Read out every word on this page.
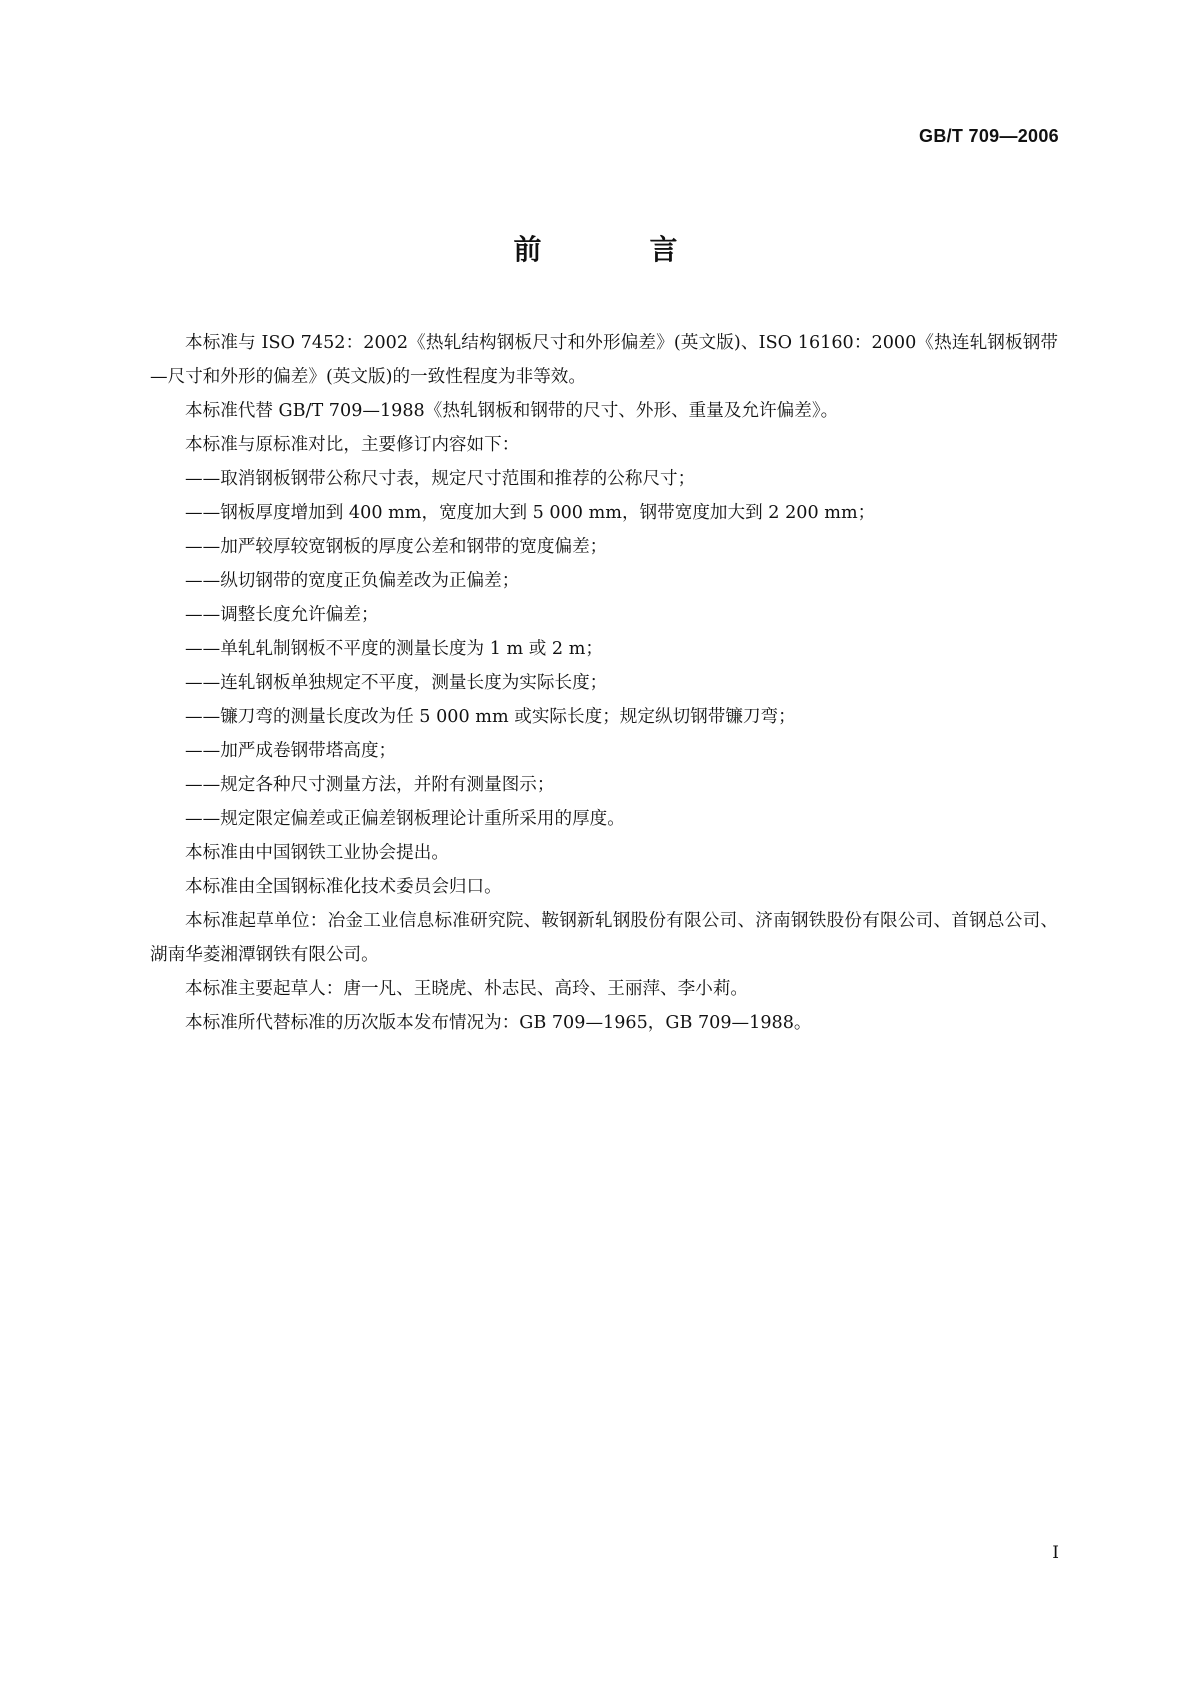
GB/T 709—2006
前　言

本标准与 ISO 7452：2002《热轧结构钢板尺寸和外形偏差》(英文版)、ISO 16160：2000《热连轧钢板钢带—尺寸和外形的偏差》(英文版)的一致性程度为非等效。

本标准代替 GB/T 709—1988《热轧钢板和钢带的尺寸、外形、重量及允许偏差》。

本标准与原标准对比，主要修订内容如下：

——取消钢板钢带公称尺寸表，规定尺寸范围和推荐的公称尺寸；

——钢板厚度增加到 400 mm，宽度加大到 5 000 mm，钢带宽度加大到 2 200 mm；

——加严较厚较宽钢板的厚度公差和钢带的宽度偏差；

——纵切钢带的宽度正负偏差改为正偏差；

——调整长度允许偏差；

——单轧轧制钢板不平度的测量长度为 1 m 或 2 m；

——连轧钢板单独规定不平度，测量长度为实际长度；

——镰刀弯的测量长度改为任 5 000 mm 或实际长度；规定纵切钢带镰刀弯；

——加严成卷钢带塔高度；

——规定各种尺寸测量方法，并附有测量图示；

——规定限定偏差或正偏差钢板理论计重所采用的厚度。

本标准由中国钢铁工业协会提出。

本标准由全国钢标准化技术委员会归口。

本标准起草单位：冶金工业信息标准研究院、鞍钢新轧钢股份有限公司、济南钢铁股份有限公司、首钢总公司、湖南华菱湘潭钢铁有限公司。

本标准主要起草人：唐一凡、王晓虎、朴志民、高玲、王丽萍、李小莉。

本标准所代替标准的历次版本发布情况为：GB 709—1965，GB 709—1988。

I
